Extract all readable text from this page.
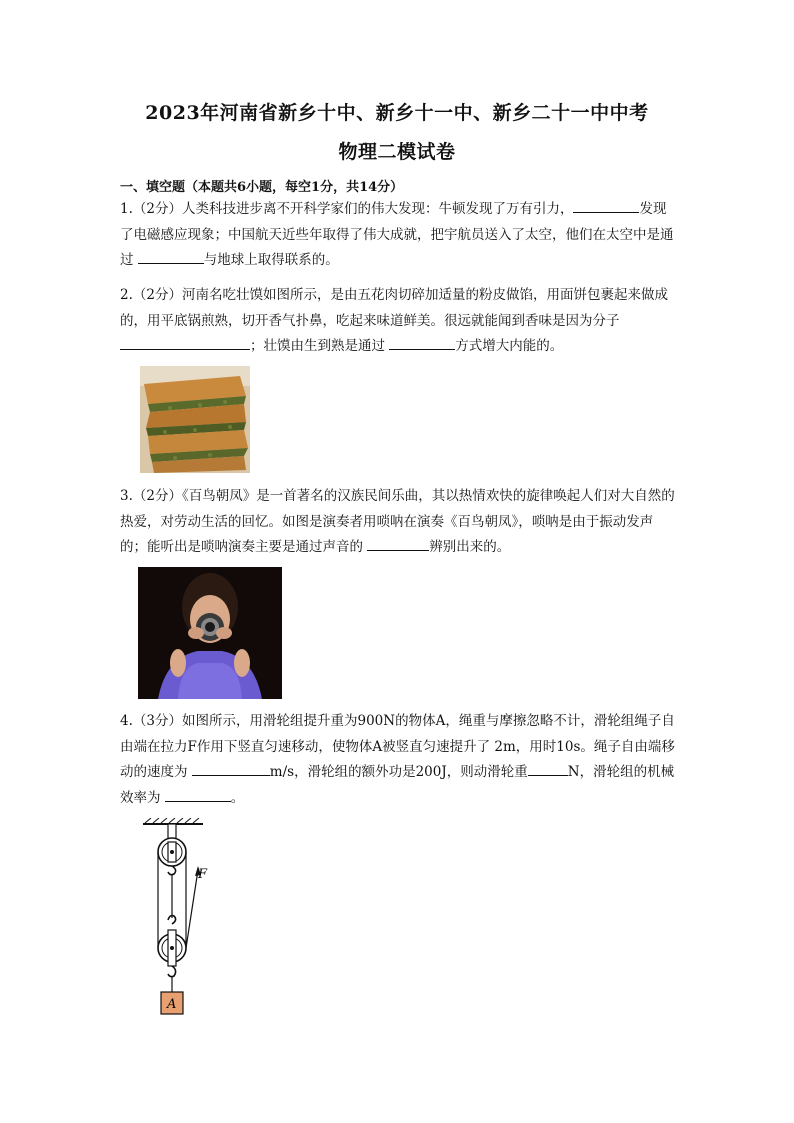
2023年河南省新乡十中、新乡十一中、新乡二十一中中考
物理二模试卷
一、填空题（本题共6小题，每空1分，共14分）

1.（2分）人类科技进步离不开科学家们的伟大发现：牛顿发现了万有引力，	发现了电磁感应现象；中国航天近些年取得了伟大成就，把宇航员送入了太空，他们在太空中是通过	与地球上取得联系的。

2.（2分）河南名吃壮馍如图所示，是由五花肉切碎加适量的粉皮做馅，用面饼包裹起来做成的，用平底锅煎熟，切开香气扑鼻，吃起来味道鲜美。很远就能闻到香味是因为分子 ；壮馍由生到熟是通过	方式增大内能的。

3.（2分）《百鸟朝凤》是一首著名的汉族民间乐曲，其以热情欢快的旋律唤起人们对大自然的热爱，对劳动生活的回忆。如图是演奏者用唢呐在演奏《百鸟朝凤》，唢呐是由于振动发声的；能听出是唢呐演奏主要是通过声音的	辨别出来的。

4.（3分）如图所示，用滑轮组提升重为900N的物体A，绳重与摩擦忽略不计，滑轮组绳子自由端在拉力F作用下竖直匀速移动，使物体A被竖直匀速提升了 2m，用时10s。绳子自由端移动的速度为	m/s，滑轮组的额外功是200J，则动滑轮重	N，滑轮组的机械效率为	。

F
A
